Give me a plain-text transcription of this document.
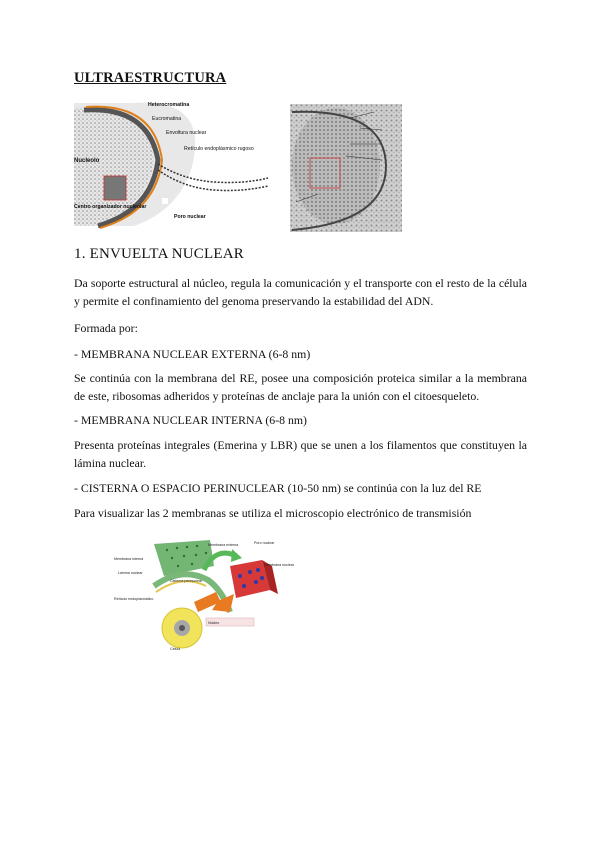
ULTRAESTRUCTURA
Heterocromatina
Eucromatina
Envoltura nuclear
Retículo endoplásmico rugoso
Nucleolo
Centro organizador nucleolar
Poro nuclear
1. ENVUELTA NUCLEAR
Da soporte estructural al núcleo, regula la comunicación y el transporte con el resto de la célula y permite el confinamiento del genoma preservando la estabilidad del ADN.
Formada por:
- MEMBRANA NUCLEAR EXTERNA (6-8 nm)
Se continúa con la membrana del RE, posee una composición proteica similar a la membrana de este, ribosomas adheridos y proteínas de anclaje para la unión con el citoesqueleto.
- MEMBRANA NUCLEAR INTERNA (6-8 nm)
Presenta proteínas integrales (Emerina y LBR) que se unen a los filamentos que constituyen la lámina nuclear.
- CISTERNA O ESPACIO PERINUCLEAR (10-50 nm) se continúa con la luz del RE
Para visualizar las 2 membranas se utiliza el microscopio electrónico de transmisión
Membrana interna
Lámina nuclear
Cisterna perinuclear
Membrana externa	Poro nuclear
Retículo endoplasmático
Membrana nuclear
Célula
Núcleo
